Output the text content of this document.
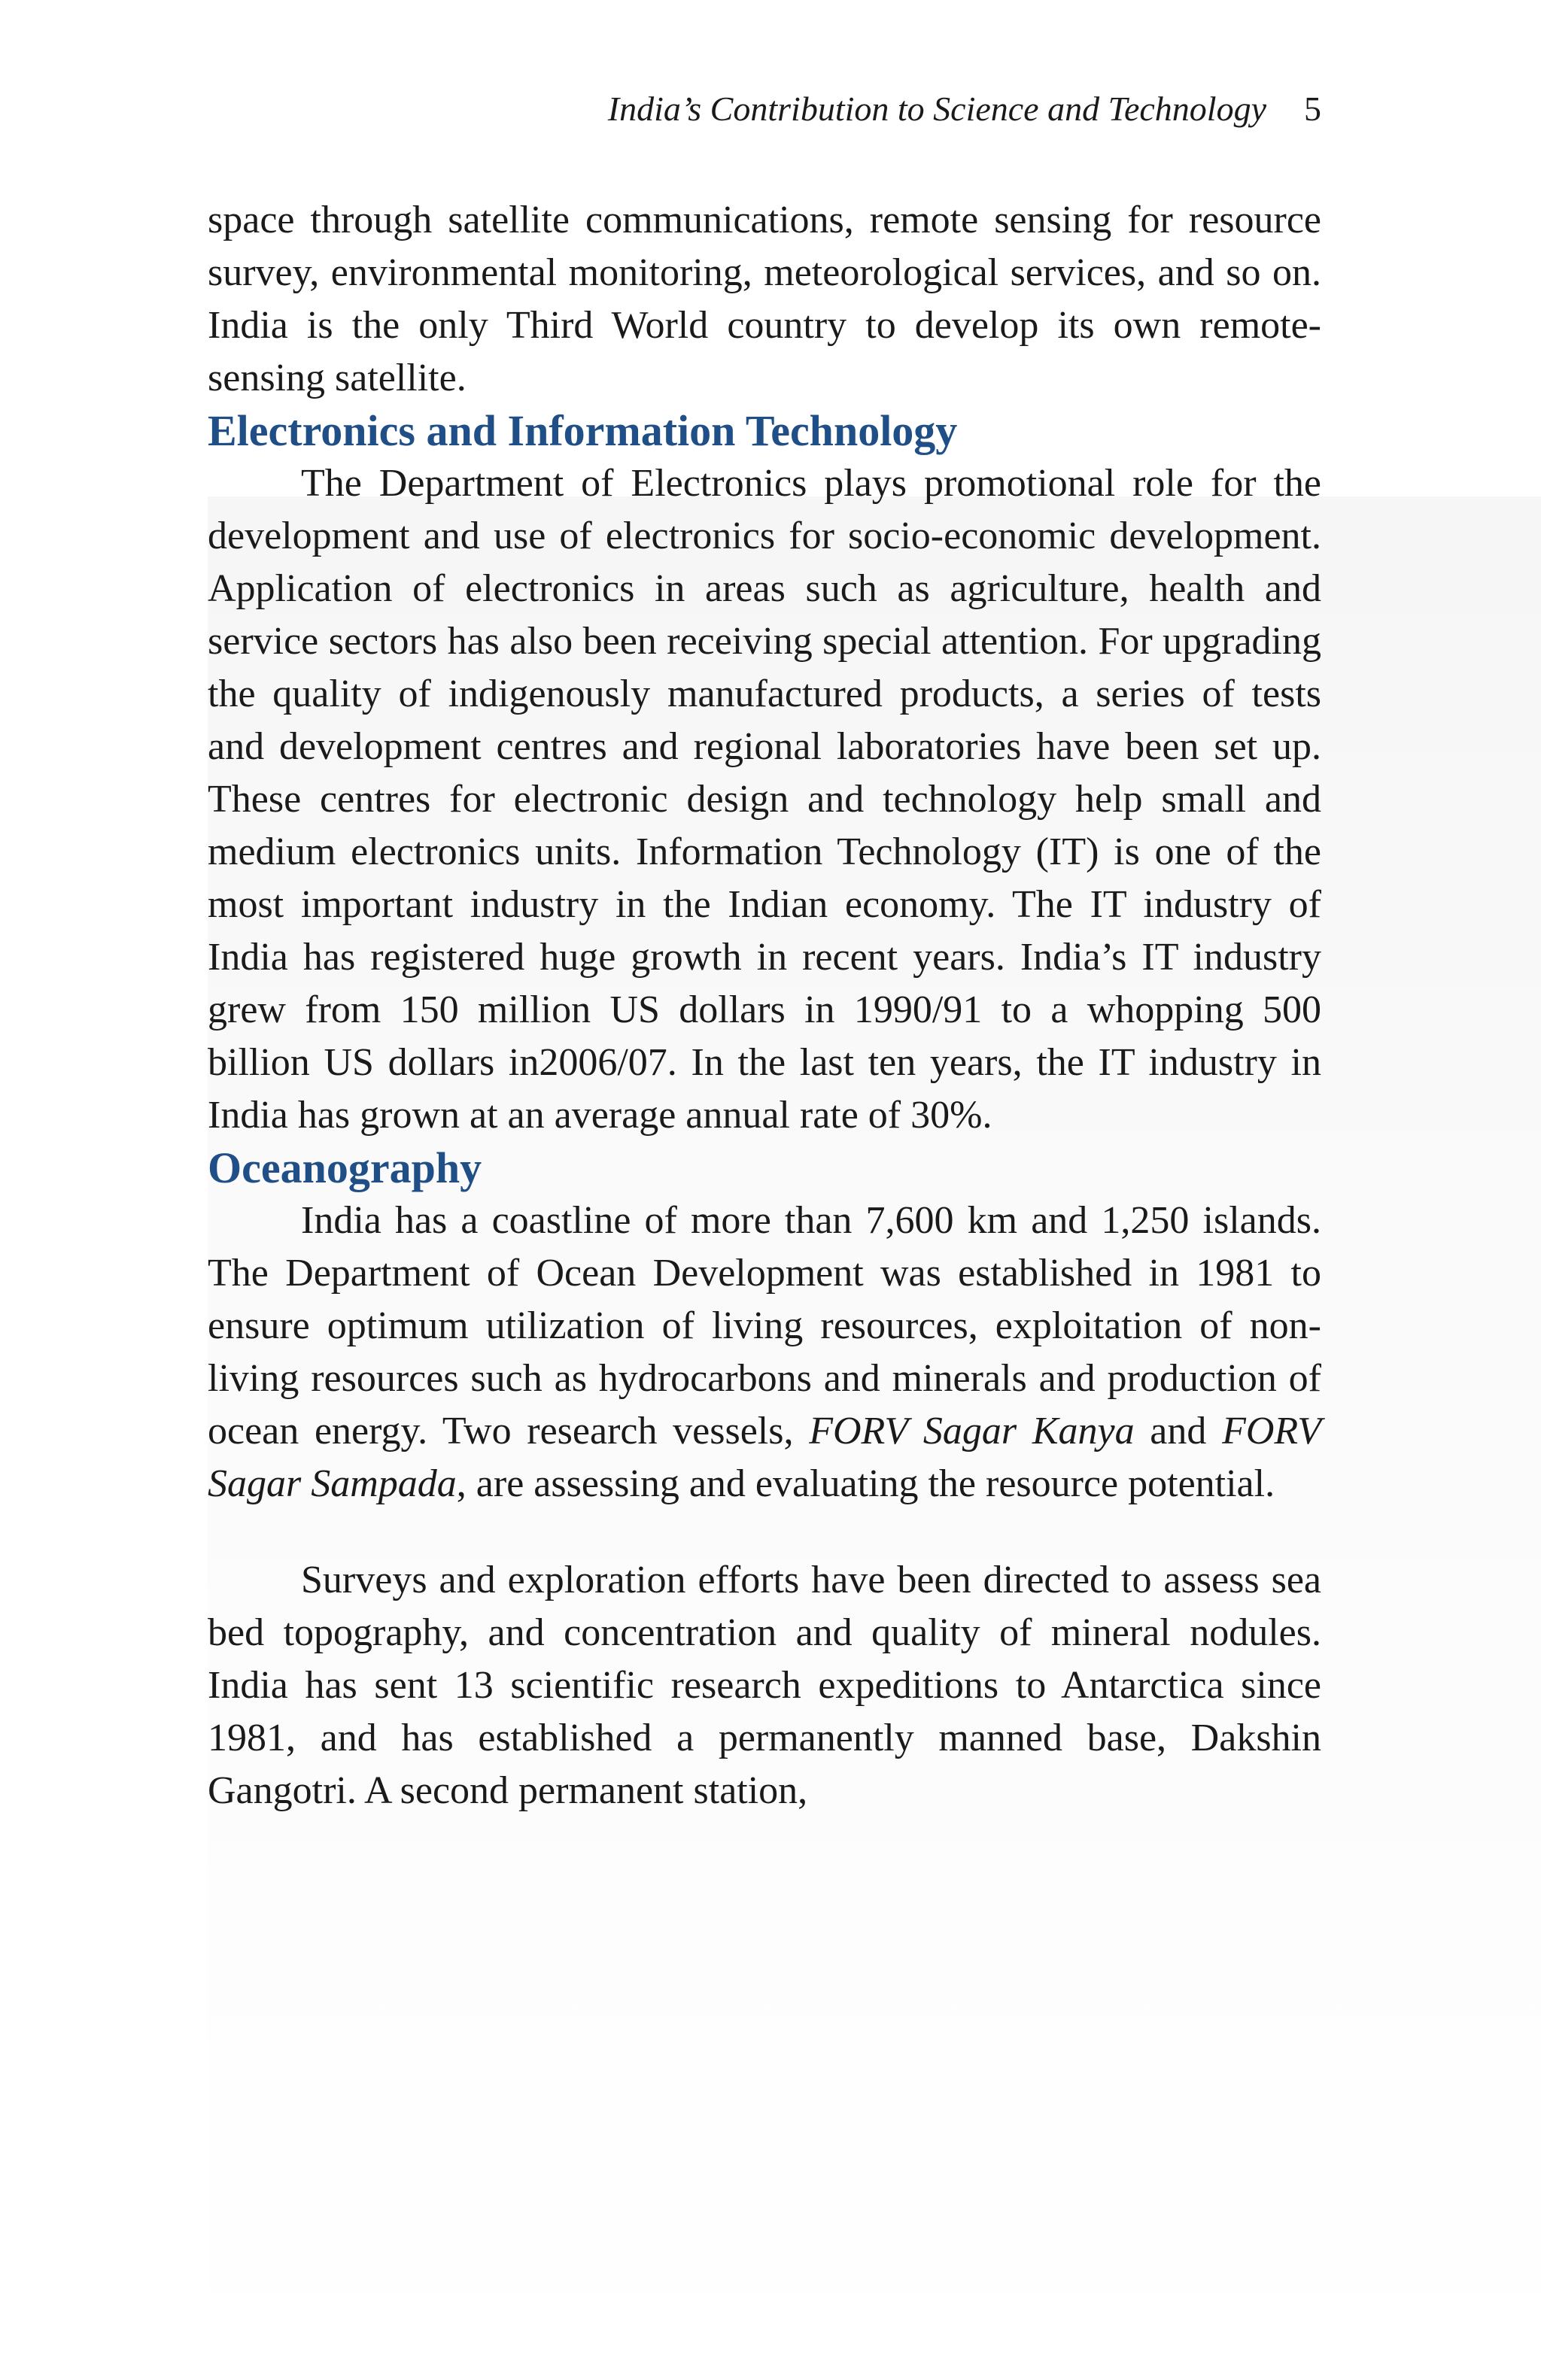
India’s Contribution to Science and Technology 5

space through satellite communications, remote sensing for resource survey, environmental monitoring, meteorological services, and so on. India is the only Third World country to develop its own remote-sensing satellite.

Electronics and Information Technology

The Department of Electronics plays promotional role for the development and use of electronics for socio-economic development. Application of electronics in areas such as agriculture, health and service sectors has also been receiving special attention. For upgrading the quality of indigenously manufactured products, a series of tests and development centres and regional laboratories have been set up. These centres for electronic design and technology help small and medium electronics units. Information Technology (IT) is one of the most important industry in the Indian economy. The IT industry of India has registered huge growth in recent years. India’s IT industry grew from 150 million US dollars in 1990/91 to a whopping 500 billion US dollars in2006/07. In the last ten years, the IT industry in India has grown at an average annual rate of 30%.

Oceanography

India has a coastline of more than 7,600 km and 1,250 islands. The Department of Ocean Development was established in 1981 to ensure optimum utilization of living resources, exploitation of non-living resources such as hydrocarbons and minerals and production of ocean energy. Two research vessels, FORV Sagar Kanya and FORV Sagar Sampada, are assessing and evaluating the resource potential.

Surveys and exploration efforts have been directed to assess sea bed topography, and concentration and quality of mineral nodules. India has sent 13 scientific research expeditions to Antarctica since 1981, and has established a permanently manned base, Dakshin Gangotri. A second permanent station,
